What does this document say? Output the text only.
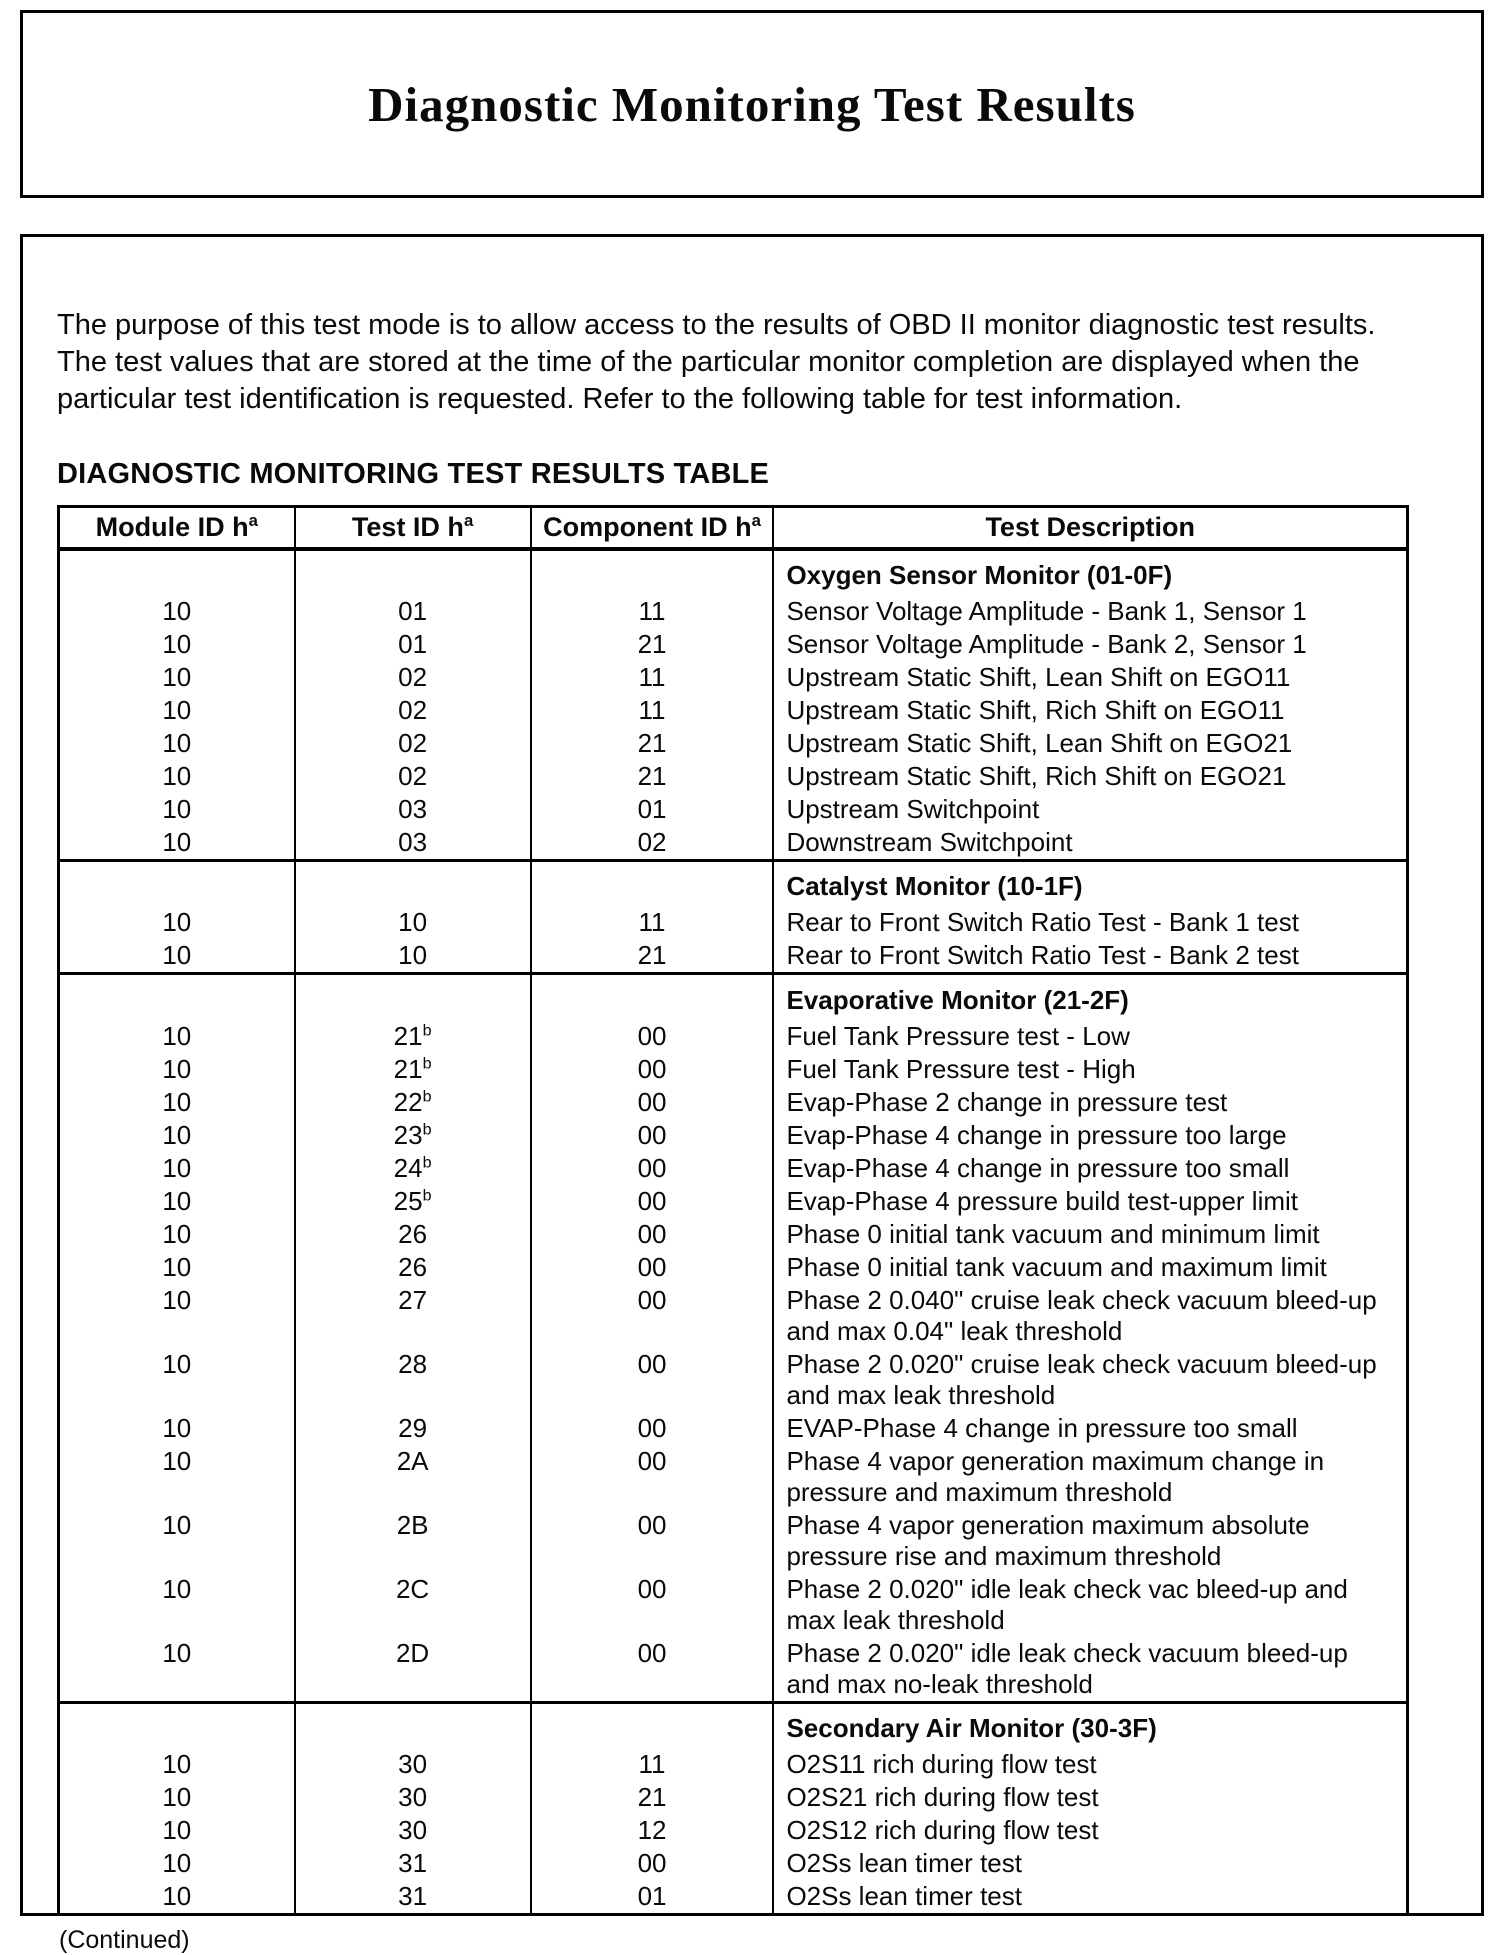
Diagnostic Monitoring Test Results

The purpose of this test mode is to allow access to the results of OBD II monitor diagnostic test results. The test values that are stored at the time of the particular monitor completion are displayed when the particular test identification is requested. Refer to the following table for test information.

DIAGNOSTIC MONITORING TEST RESULTS TABLE
Module ID $h^a$	Test ID $h^a$	Component ID $h^a$	Test Description
			Oxygen Sensor Monitor (01-0F)
10	01	11	Sensor Voltage Amplitude - Bank 1, Sensor 1
10	01	21	Sensor Voltage Amplitude - Bank 2, Sensor 1
10	02	11	Upstream Static Shift, Lean Shift on EGO11
10	02	11	Upstream Static Shift, Rich Shift on EGO11
10	02	21	Upstream Static Shift, Lean Shift on EGO21
10	02	21	Upstream Static Shift, Rich Shift on EGO21
10	03	01	Upstream Switchpoint
10	03	02	Downstream Switchpoint
			Catalyst Monitor (10-1F)
10	10	11	Rear to Front Switch Ratio Test - Bank 1 test
10	10	21	Rear to Front Switch Ratio Test - Bank 2 test
			Evaporative Monitor (21-2F)
10	21$^b$	00	Fuel Tank Pressure test - Low
10	21$^b$	00	Fuel Tank Pressure test - High
10	22$^b$	00	Evap-Phase 2 change in pressure test
10	23$^b$	00	Evap-Phase 4 change in pressure too large
10	24$^b$	00	Evap-Phase 4 change in pressure too small
10	25$^b$	00	Evap-Phase 4 pressure build test-upper limit
10	26	00	Phase 0 initial tank vacuum and minimum limit
10	26	00	Phase 0 initial tank vacuum and maximum limit
10	27	00	Phase 2 0.040" cruise leak check vacuum bleed-up and max 0.04" leak threshold
10	28	00	Phase 2 0.020" cruise leak check vacuum bleed-up and max leak threshold
10	29	00	EVAP-Phase 4 change in pressure too small
10	2A	00	Phase 4 vapor generation maximum change in pressure and maximum threshold
10	2B	00	Phase 4 vapor generation maximum absolute pressure rise and maximum threshold
10	2C	00	Phase 2 0.020" idle leak check vac bleed-up and max leak threshold
10	2D	00	Phase 2 0.020" idle leak check vacuum bleed-up and max no-leak threshold
			Secondary Air Monitor (30-3F)
10	30	11	O2S11 rich during flow test
10	30	21	O2S21 rich during flow test
10	30	12	O2S12 rich during flow test
10	31	00	O2Ss lean timer test
10	31	01	O2Ss lean timer test
(Continued)
